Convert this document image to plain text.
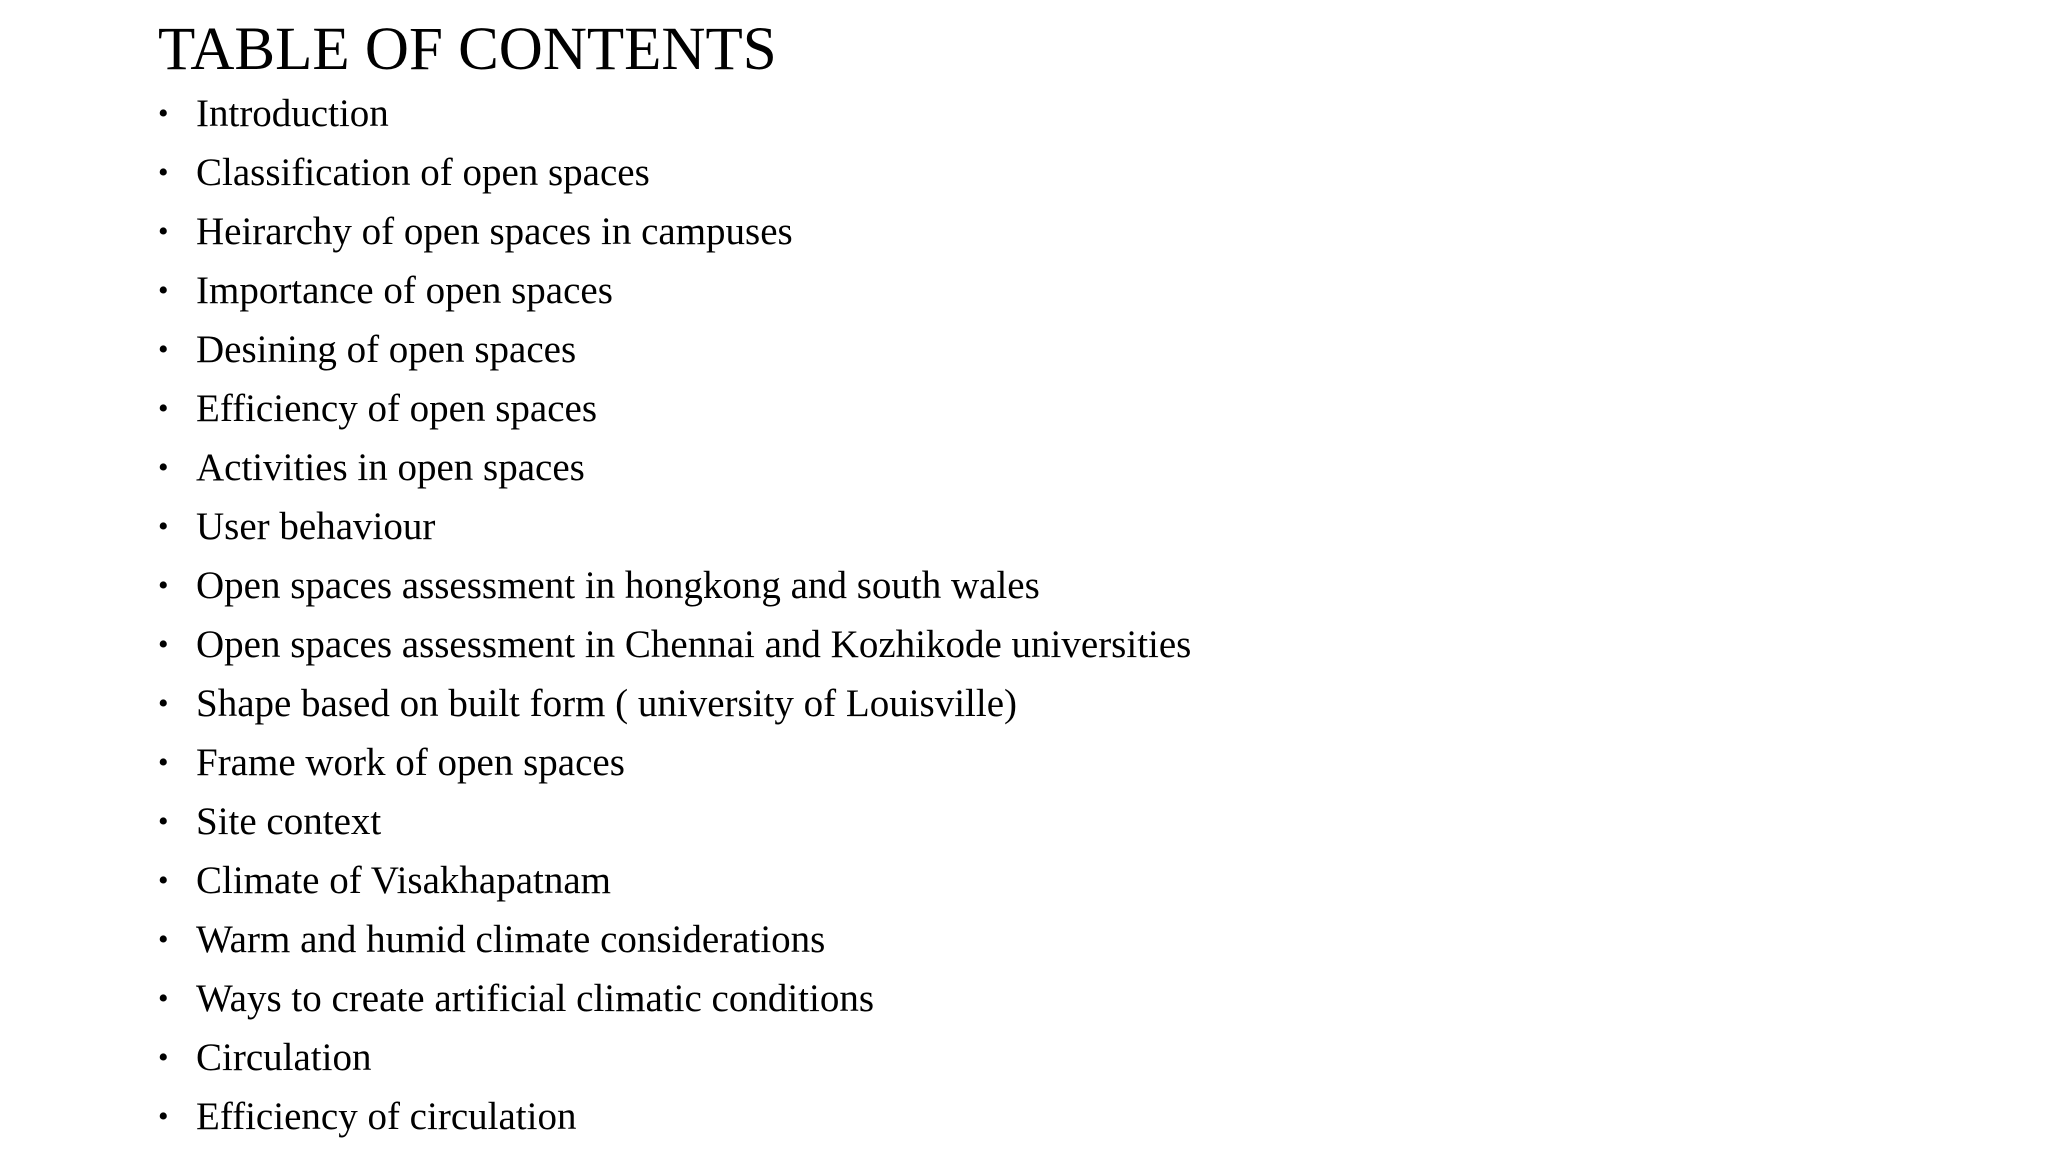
TABLE OF CONTENTS
• Introduction
• Classification of open spaces
• Heirarchy of open spaces in campuses
• Importance of open spaces
• Desining of open spaces
• Efficiency of open spaces
• Activities in open spaces
• User behaviour
• Open spaces assessment in hongkong and south wales
• Open spaces assessment in Chennai and Kozhikode universities
• Shape based on built form ( university of Louisville)
• Frame work of open spaces
• Site context
• Climate of Visakhapatnam
• Warm and humid climate considerations
• Ways to create artificial climatic conditions
• Circulation
• Efficiency of circulation
